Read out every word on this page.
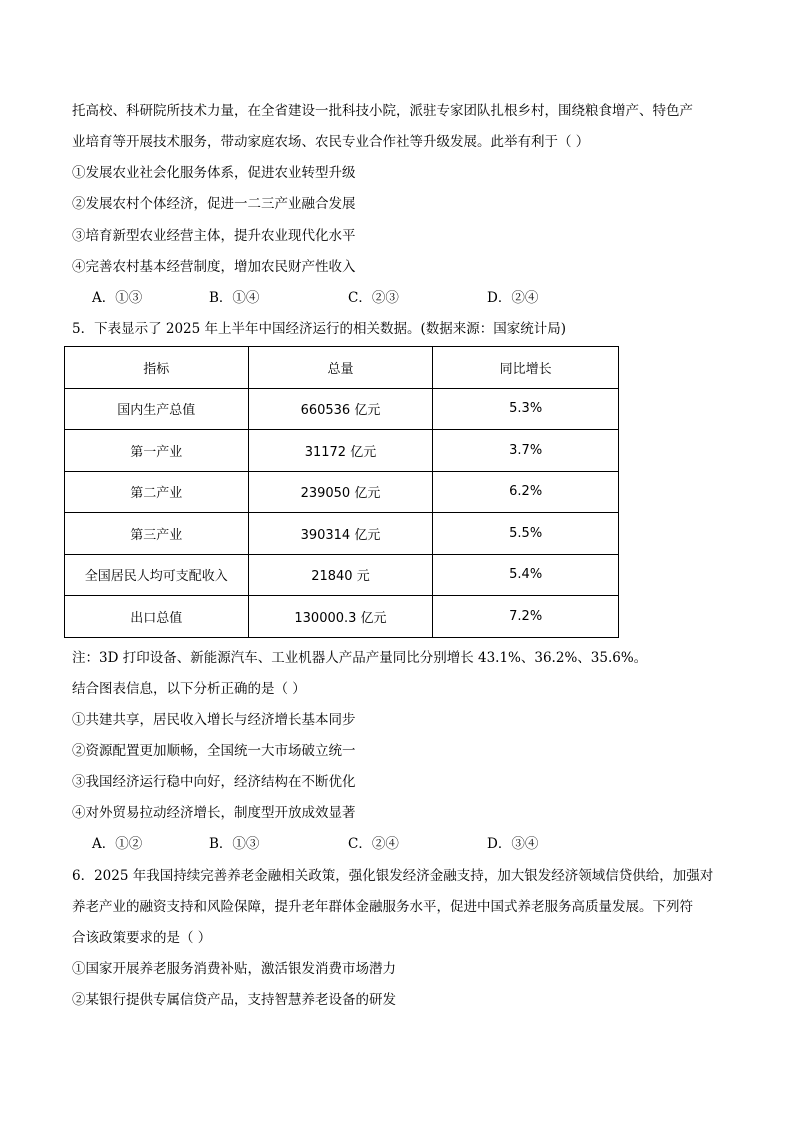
托高校、科研院所技术力量，在全省建设一批科技小院，派驻专家团队扎根乡村，围绕粮食增产、特色产
业培育等开展技术服务，带动家庭农场、农民专业合作社等升级发展。此举有利于（ ）
①发展农业社会化服务体系，促进农业转型升级
②发展农村个体经济，促进一二三产业融合发展
③培育新型农业经营主体，提升农业现代化水平
④完善农村基本经营制度，增加农民财产性收入
A．①③	B．①④	C．②③	D．②④
5．下表显示了 2025 年上半年中国经济运行的相关数据。(数据来源：国家统计局)
指标	总量	同比增长
国内生产总值	660536 亿元	5.3%
第一产业	31172 亿元	3.7%
第二产业	239050 亿元	6.2%
第三产业	390314 亿元	5.5%
全国居民人均可支配收入	21840 元	5.4%
出口总值	130000.3 亿元	7.2%
注：3D 打印设备、新能源汽车、工业机器人产品产量同比分别增长 43.1%、36.2%、35.6%。
结合图表信息，以下分析正确的是（ ）
①共建共享，居民收入增长与经济增长基本同步
②资源配置更加顺畅，全国统一大市场破立统一
③我国经济运行稳中向好，经济结构在不断优化
④对外贸易拉动经济增长，制度型开放成效显著
A．①②	B．①③	C．②④	D．③④
6．2025 年我国持续完善养老金融相关政策，强化银发经济金融支持，加大银发经济领域信贷供给，加强对
养老产业的融资支持和风险保障，提升老年群体金融服务水平，促进中国式养老服务高质量发展。下列符
合该政策要求的是（ ）
①国家开展养老服务消费补贴，激活银发消费市场潜力
②某银行提供专属信贷产品，支持智慧养老设备的研发
